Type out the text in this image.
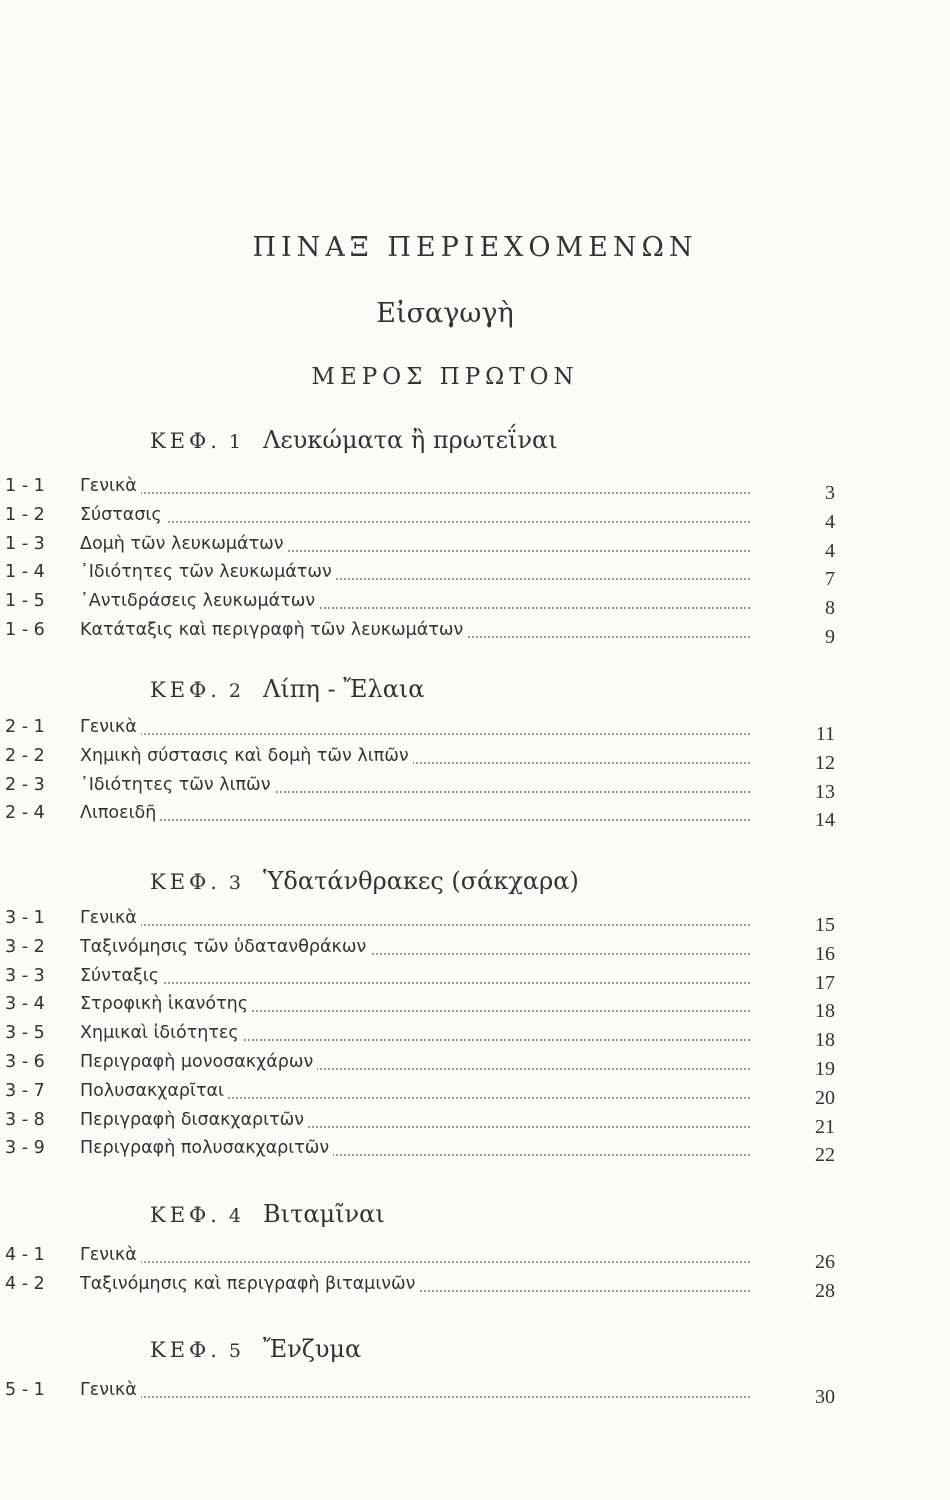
ΠΙΝΑΞ ΠΕΡΙΕΧΟΜΕΝΩΝ
Εἰσαγωγὴ
ΜΕΡΟΣ ΠΡΩΤΟΝ
ΚΕΦ. 1 Λευκώματα ἢ πρωτεΐναι
1 - 1	Γενικὰ	3
1 - 2	Σύστασις	4
1 - 3	Δομὴ τῶν λευκωμάτων	4
1 - 4	᾿Ιδιότητες τῶν λευκωμάτων	7
1 - 5	᾿Αντιδράσεις λευκωμάτων	8
1 - 6	Κατάταξις καὶ περιγραφὴ τῶν λευκωμάτων	9
ΚΕΦ. 2 Λίπη - Ἔλαια
2 - 1	Γενικὰ	11
2 - 2	Χημικὴ σύστασις καὶ δομὴ τῶν λιπῶν	12
2 - 3	᾿Ιδιότητες τῶν λιπῶν	13
2 - 4	Λιποειδῆ	14
ΚΕΦ. 3 Ὑδατάνθρακες (σάκχαρα)
3 - 1	Γενικὰ	15
3 - 2	Ταξινόμησις τῶν ὑδατανθράκων	16
3 - 3	Σύνταξις	17
3 - 4	Στροφικὴ ἱκανότης	18
3 - 5	Χημικαὶ ἰδιότητες	18
3 - 6	Περιγραφὴ μονοσακχάρων	19
3 - 7	Πολυσακχαρῖται	20
3 - 8	Περιγραφὴ δισακχαριτῶν	21
3 - 9	Περιγραφὴ πολυσακχαριτῶν	22
ΚΕΦ. 4 Βιταμῖναι
4 - 1	Γενικὰ	26
4 - 2	Ταξινόμησις καὶ περιγραφὴ βιταμινῶν	28
ΚΕΦ. 5 Ἔνζυμα
5 - 1	Γενικὰ	30
